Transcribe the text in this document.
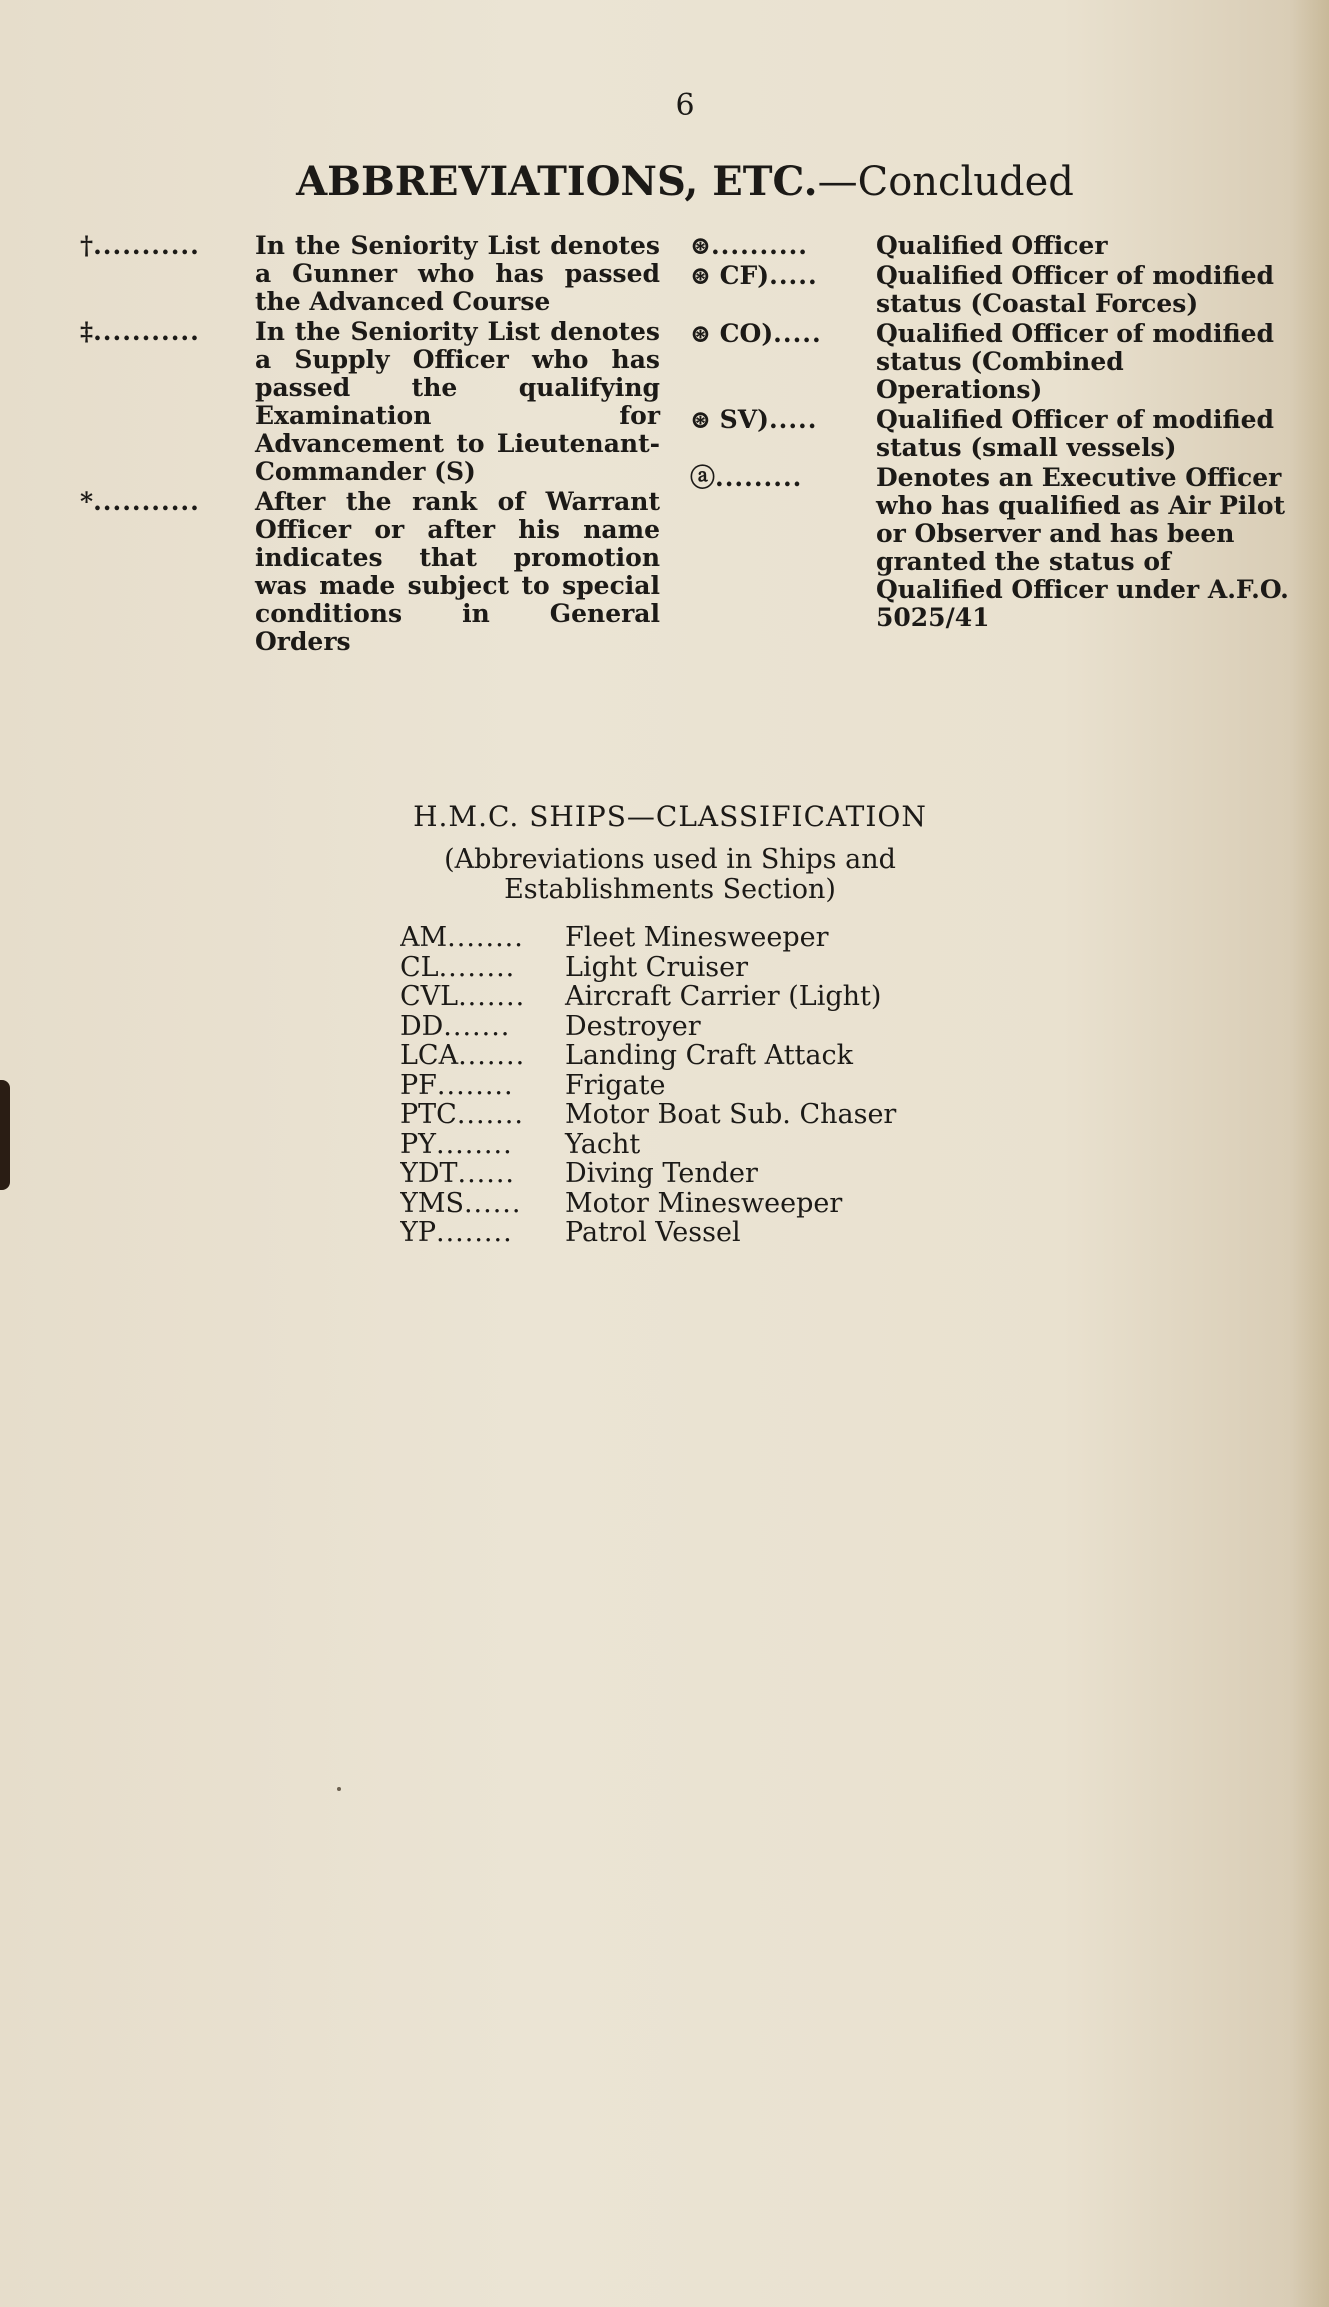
6
ABBREVIATIONS, ETC.—Concluded
†...........	In the Seniority List denotes a Gunner who has passed the Advanced Course
‡...........	In the Seniority List denotes a Supply Officer who has passed the qualifying Examination for Advancement to Lieutenant-Commander (S)
*...........	After the rank of Warrant Officer or after his name indicates that promotion was made subject to special conditions in General Orders
⊛..........	Qualified Officer
⊛ CF).....	Qualified Officer of modified status (Coastal Forces)
⊛ CO).....	Qualified Officer of modified status (Combined Operations)
⊛ SV).....	Qualified Officer of modified status (small vessels)
ⓐ.........	Denotes an Executive Officer who has qualified as Air Pilot or Observer and has been granted the status of Qualified Officer under A.F.O. 5025/41
H.M.C. SHIPS—CLASSIFICATION
(Abbreviations used in Ships and
Establishments Section)
AM........	Fleet Minesweeper
CL........	Light Cruiser
CVL.......	Aircraft Carrier (Light)
DD.......	Destroyer
LCA.......	Landing Craft Attack
PF........	Frigate
PTC.......	Motor Boat Sub. Chaser
PY........	Yacht
YDT......	Diving Tender
YMS......	Motor Minesweeper
YP........	Patrol Vessel
